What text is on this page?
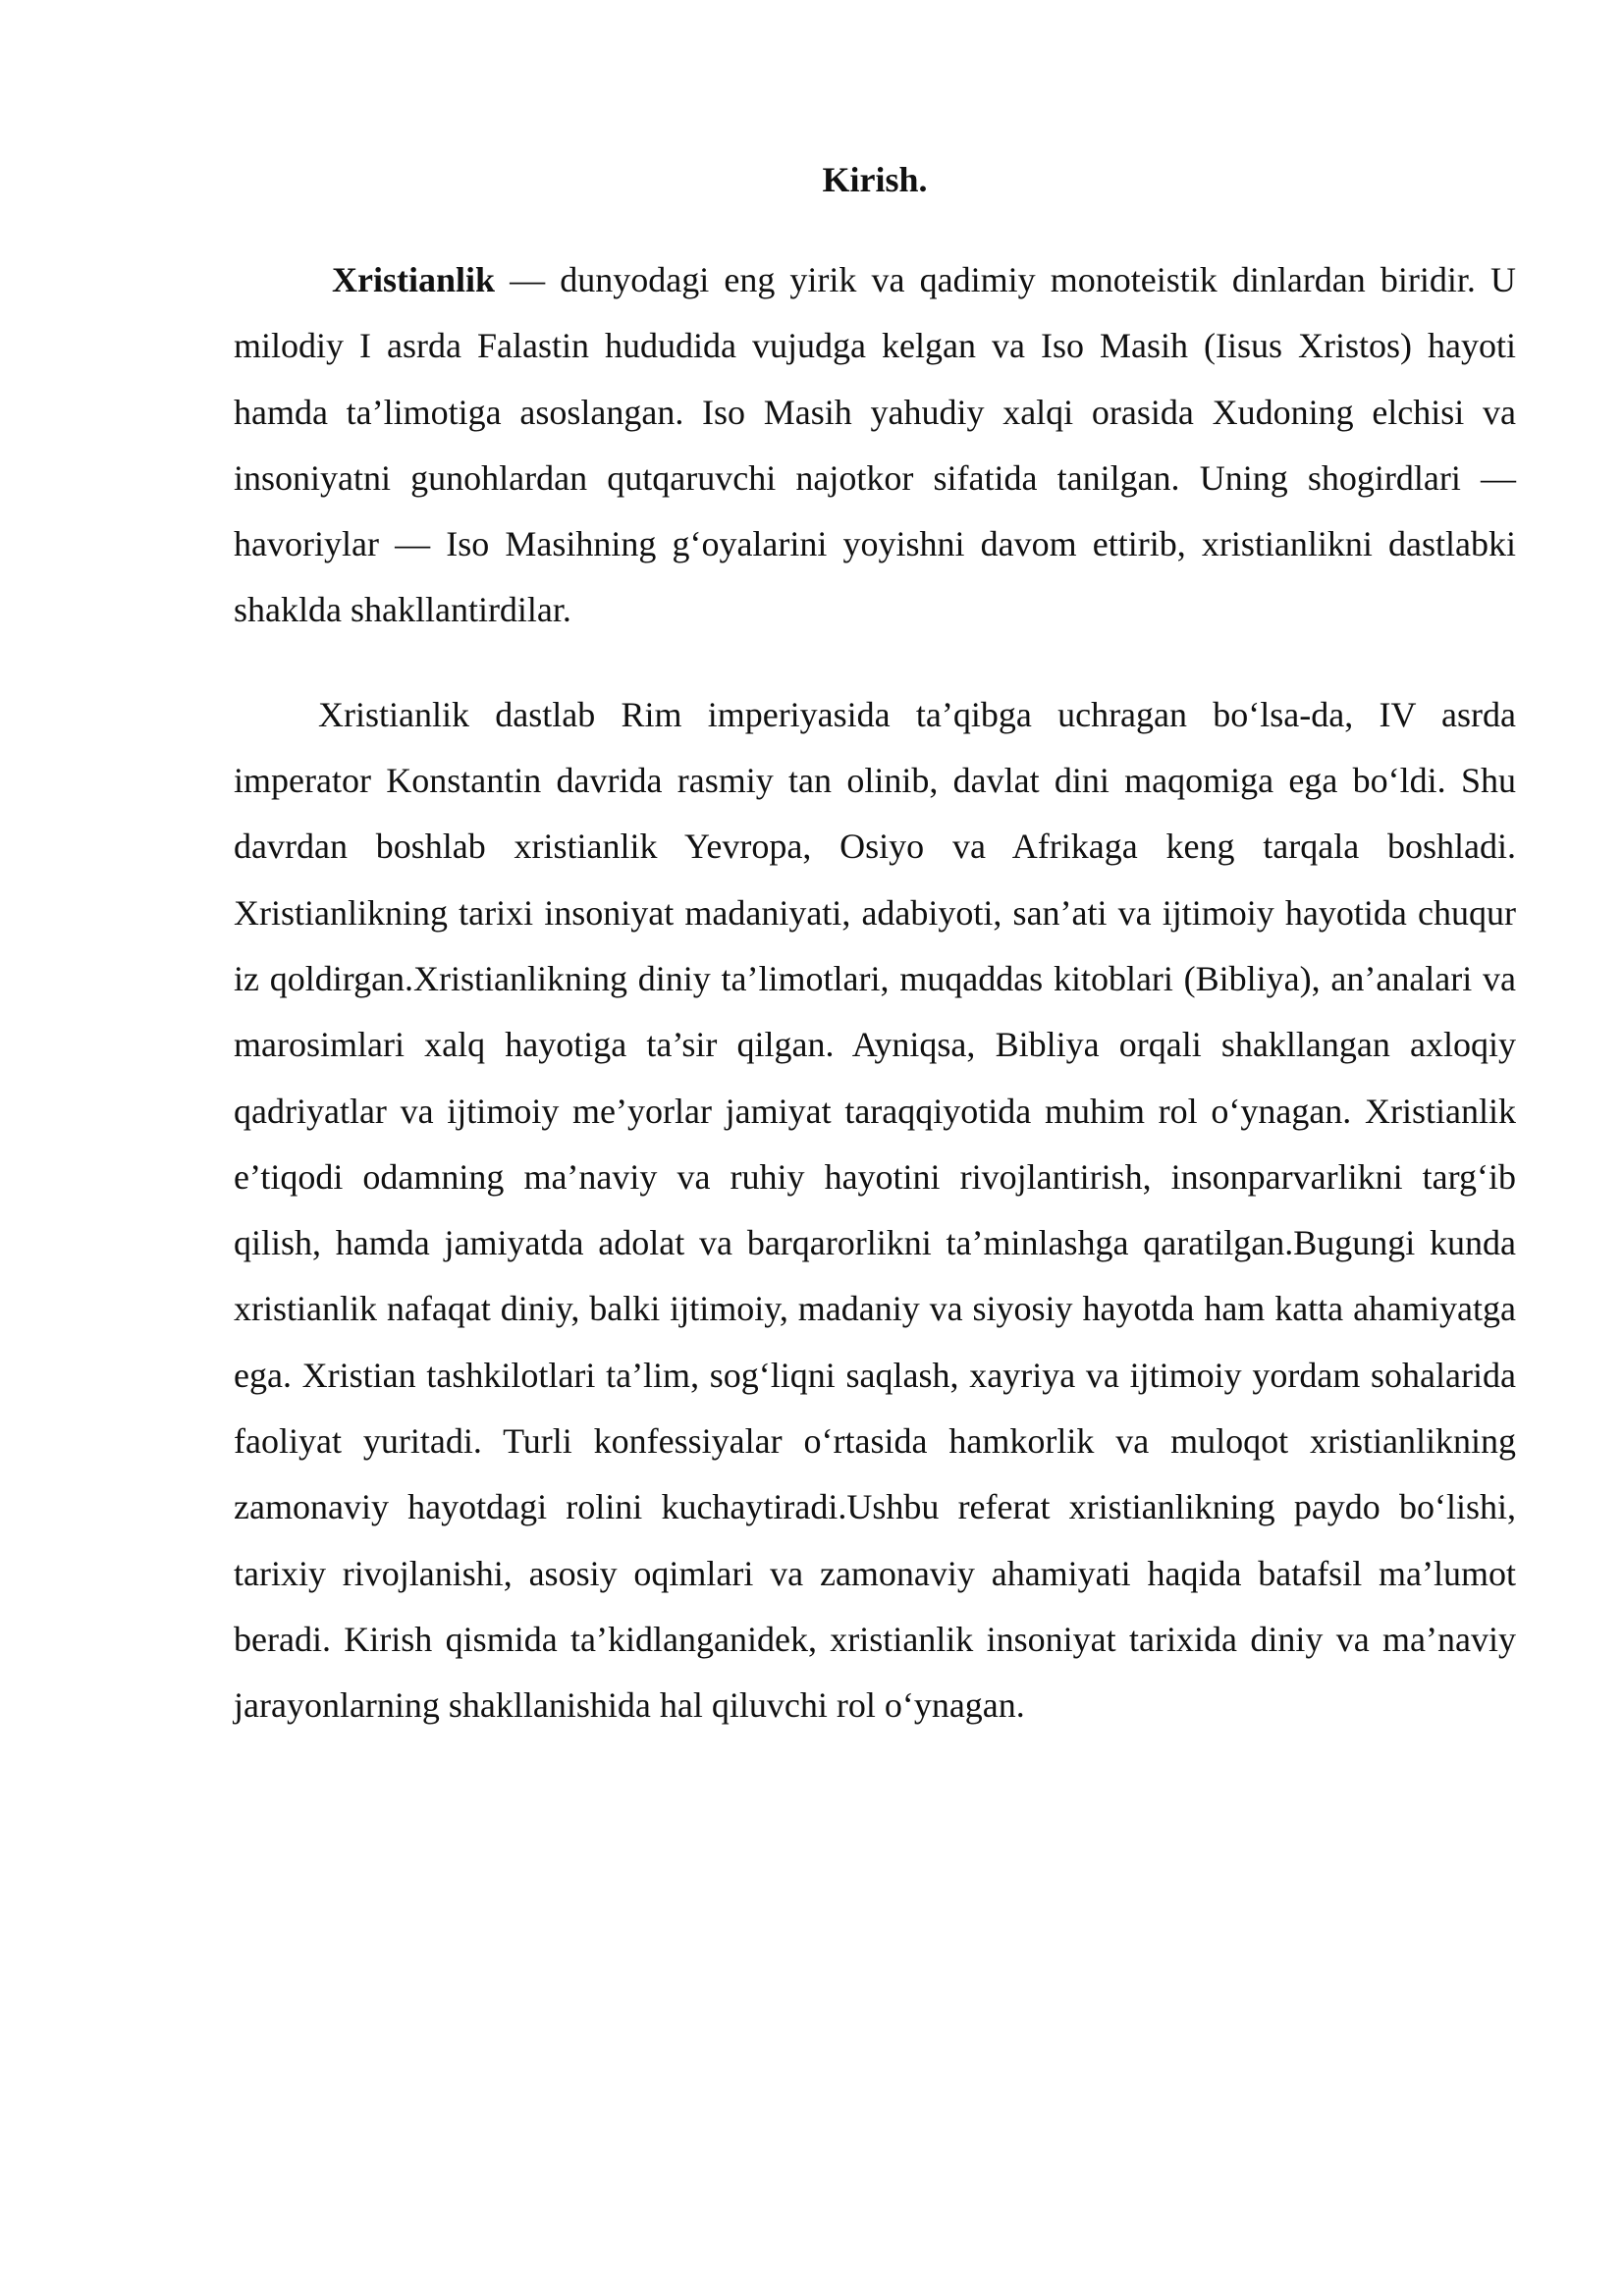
Kirish.

Xristianlik — dunyodagi eng yirik va qadimiy monoteistik dinlardan biridir. U milodiy I asrda Falastin hududida vujudga kelgan va Iso Masih (Iisus Xristos) hayoti hamda ta’limotiga asoslangan. Iso Masih yahudiy xalqi orasida Xudoning elchisi va insoniyatni gunohlardan qutqaruvchi najotkor sifatida tanilgan. Uning shogirdlari — havoriylar — Iso Masihning g‘oyalarini yoyishni davom ettirib, xristianlikni dastlabki shaklda shakllantirdilar.

Xristianlik dastlab Rim imperiyasida ta’qibga uchragan bo‘lsa-da, IV asrda imperator Konstantin davrida rasmiy tan olinib, davlat dini maqomiga ega bo‘ldi. Shu davrdan boshlab xristianlik Yevropa, Osiyo va Afrikaga keng tarqala boshladi. Xristianlikning tarixi insoniyat madaniyati, adabiyoti, san’ati va ijtimoiy hayotida chuqur iz qoldirgan.Xristianlikning diniy ta’limotlari, muqaddas kitoblari (Bibliya), an’analari va marosimlari xalq hayotiga ta’sir qilgan. Ayniqsa, Bibliya orqali shakllangan axloqiy qadriyatlar va ijtimoiy me’yorlar jamiyat taraqqiyotida muhim rol o‘ynagan. Xristianlik e’tiqodi odamning ma’naviy va ruhiy hayotini rivojlantirish, insonparvarlikni targ‘ib qilish, hamda jamiyatda adolat va barqarorlikni ta’minlashga qaratilgan.Bugungi kunda xristianlik nafaqat diniy, balki ijtimoiy, madaniy va siyosiy hayotda ham katta ahamiyatga ega. Xristian tashkilotlari ta’lim, sog‘liqni saqlash, xayriya va ijtimoiy yordam sohalarida faoliyat yuritadi. Turli konfessiyalar o‘rtasida hamkorlik va muloqot xristianlikning zamonaviy hayotdagi rolini kuchaytiradi.Ushbu referat xristianlikning paydo bo‘lishi, tarixiy rivojlanishi, asosiy oqimlari va zamonaviy ahamiyati haqida batafsil ma’lumot beradi. Kirish qismida ta’kidlanganidek, xristianlik insoniyat tarixida diniy va ma’naviy jarayonlarning shakllanishida hal qiluvchi rol o‘ynagan.
